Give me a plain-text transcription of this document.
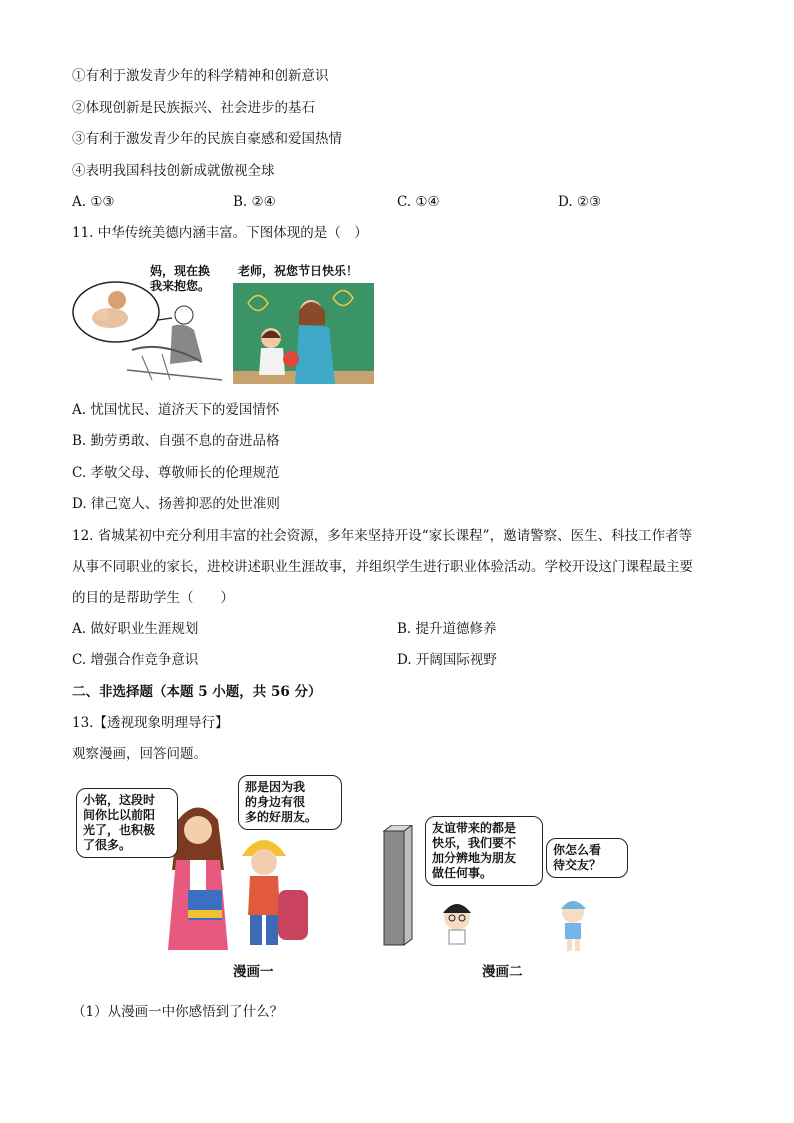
①有利于激发青少年的科学精神和创新意识
②体现创新是民族振兴、社会进步的基石
③有利于激发青少年的民族自豪感和爱国热情
④表明我国科技创新成就傲视全球
A. ①③	B. ②④	C. ①④	D. ②③
11. 中华传统美德内涵丰富。下图体现的是（　）
妈，现在换
我来抱您。
老师，祝您节日快乐！
A. 忧国忧民、道济天下的爱国情怀
B. 勤劳勇敢、自强不息的奋进品格
C. 孝敬父母、尊敬师长的伦理规范
D. 律己宽人、扬善抑恶的处世准则
12. 省城某初中充分利用丰富的社会资源，多年来坚持开设“家长课程”，邀请警察、医生、科技工作者等
从事不同职业的家长，进校讲述职业生涯故事，并组织学生进行职业体验活动。学校开设这门课程最主要
的目的是帮助学生（　　）
A. 做好职业生涯规划	B. 提升道德修养
C. 增强合作竞争意识	D. 开阔国际视野
二、非选择题（本题 5 小题，共 56 分）
13.【透视现象明理导行】
观察漫画，回答问题。
小铭，这段时
间你比以前阳
光了，也积极
了很多。
那是因为我
的身边有很
多的好朋友。
漫画一
友谊带来的都是
快乐，我们要不
加分辨地为朋友
做任何事。
你怎么看
待交友？
漫画二
（1）从漫画一中你感悟到了什么？
